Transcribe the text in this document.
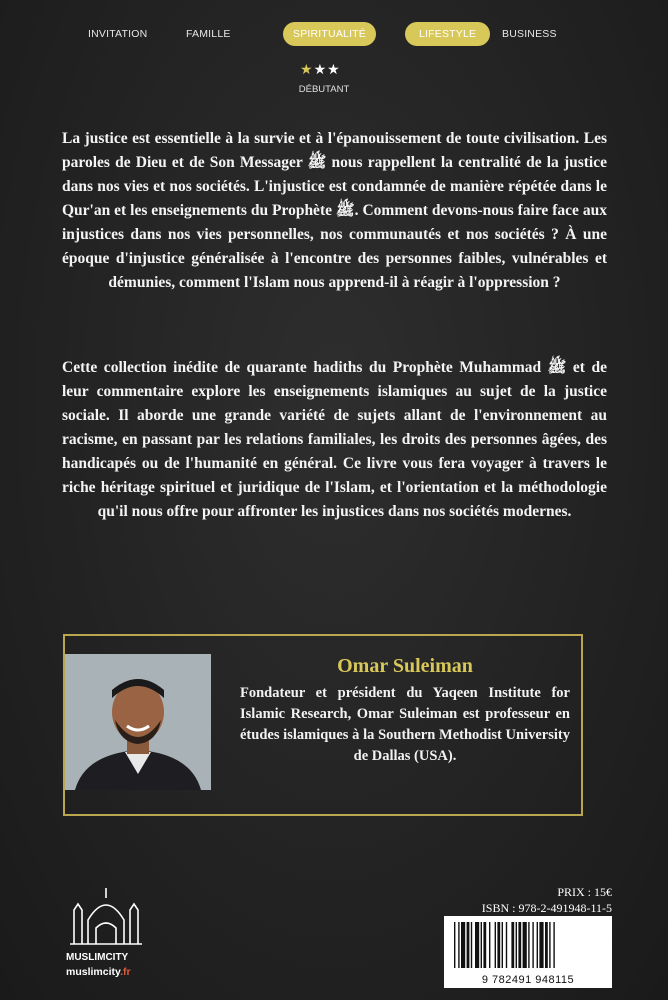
INVITATION	FAMILLE	SPIRITUALITÉ	LIFESTYLE	BUSINESS
★★★
DÉBUTANT

La justice est essentielle à la survie et à l'épanouissement de toute civilisation. Les paroles de Dieu et de Son Messager ﷺ nous rappellent la centralité de la justice dans nos vies et nos sociétés. L'injustice est condamnée de manière répétée dans le Qur'an et les enseignements du Prophète ﷺ. Comment devons-nous faire face aux injustices dans nos vies personnelles, nos communautés et nos sociétés ? À une époque d'injustice généralisée à l'encontre des personnes faibles, vulnérables et démunies, comment l'Islam nous apprend-il à réagir à l'oppression ?

Cette collection inédite de quarante hadiths du Prophète Muhammad ﷺ et de leur commentaire explore les enseignements islamiques au sujet de la justice sociale. Il aborde une grande variété de sujets allant de l'environnement au racisme, en passant par les relations familiales, les droits des personnes âgées, des handicapés ou de l'humanité en général. Ce livre vous fera voyager à travers le riche héritage spirituel et juridique de l'Islam, et l'orientation et la méthodologie qu'il nous offre pour affronter les injustices dans nos sociétés modernes.

Omar Suleiman

Fondateur et président du Yaqeen Institute for Islamic Research, Omar Suleiman est professeur en études islamiques à la Southern Methodist University de Dallas (USA).

MUSLIMCITY
muslimcity.fr
PRIX : 15€
ISBN : 978-2-491948-11-5
9 782491 948115
